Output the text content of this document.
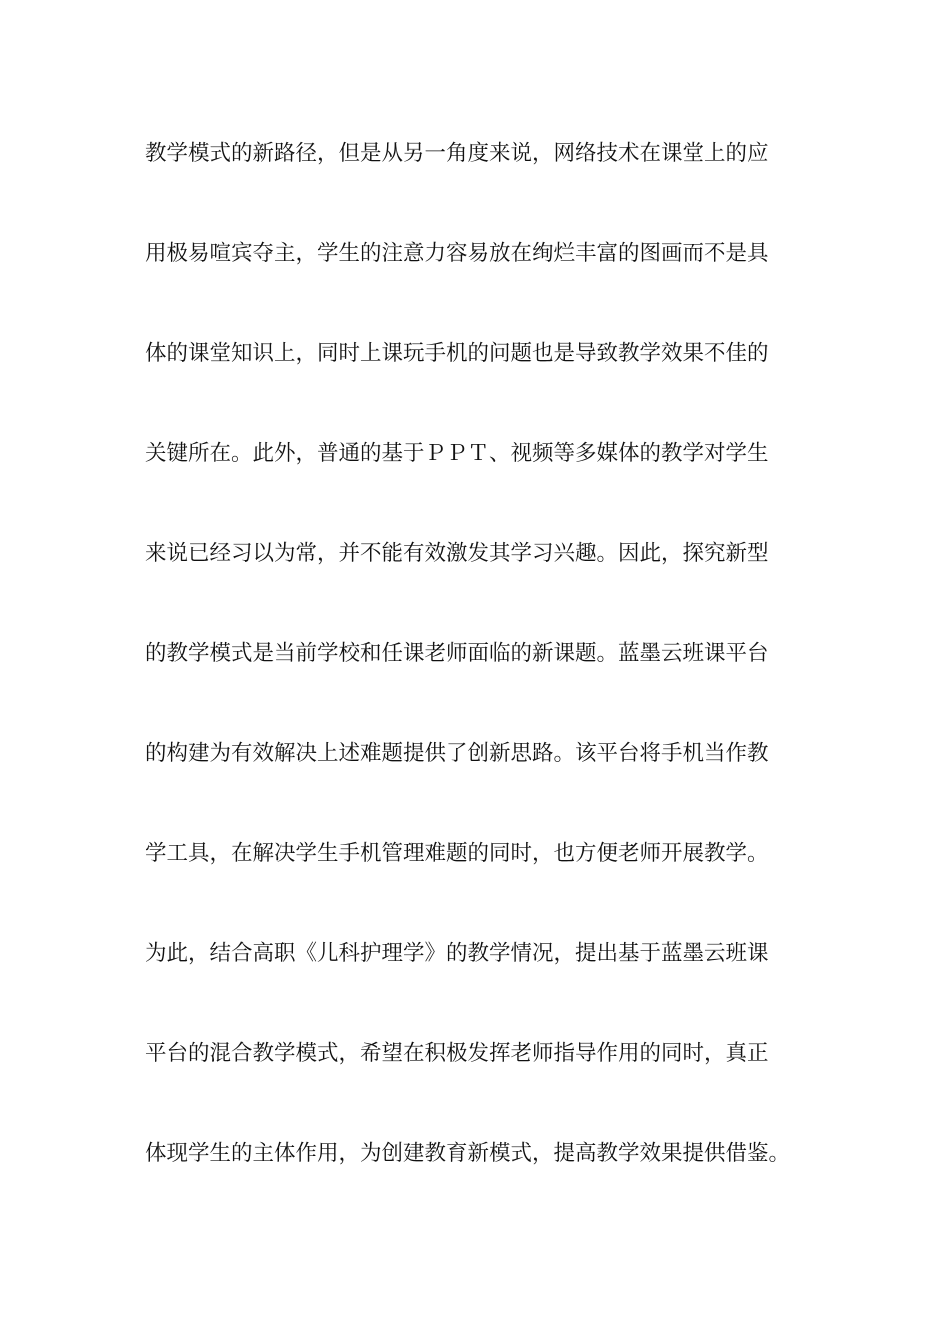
教学模式的新路径，但是从另一角度来说，网络技术在课堂上的应
用极易喧宾夺主，学生的注意力容易放在绚烂丰富的图画而不是具
体的课堂知识上，同时上课玩手机的问题也是导致教学效果不佳的
关键所在。此外，普通的基于ＰＰＴ、视频等多媒体的教学对学生
来说已经习以为常，并不能有效激发其学习兴趣。因此，探究新型
的教学模式是当前学校和任课老师面临的新课题。蓝墨云班课平台
的构建为有效解决上述难题提供了创新思路。该平台将手机当作教
学工具，在解决学生手机管理难题的同时，也方便老师开展教学。
为此，结合高职《儿科护理学》的教学情况，提出基于蓝墨云班课
平台的混合教学模式，希望在积极发挥老师指导作用的同时，真正
体现学生的主体作用，为创建教育新模式，提高教学效果提供借鉴。
